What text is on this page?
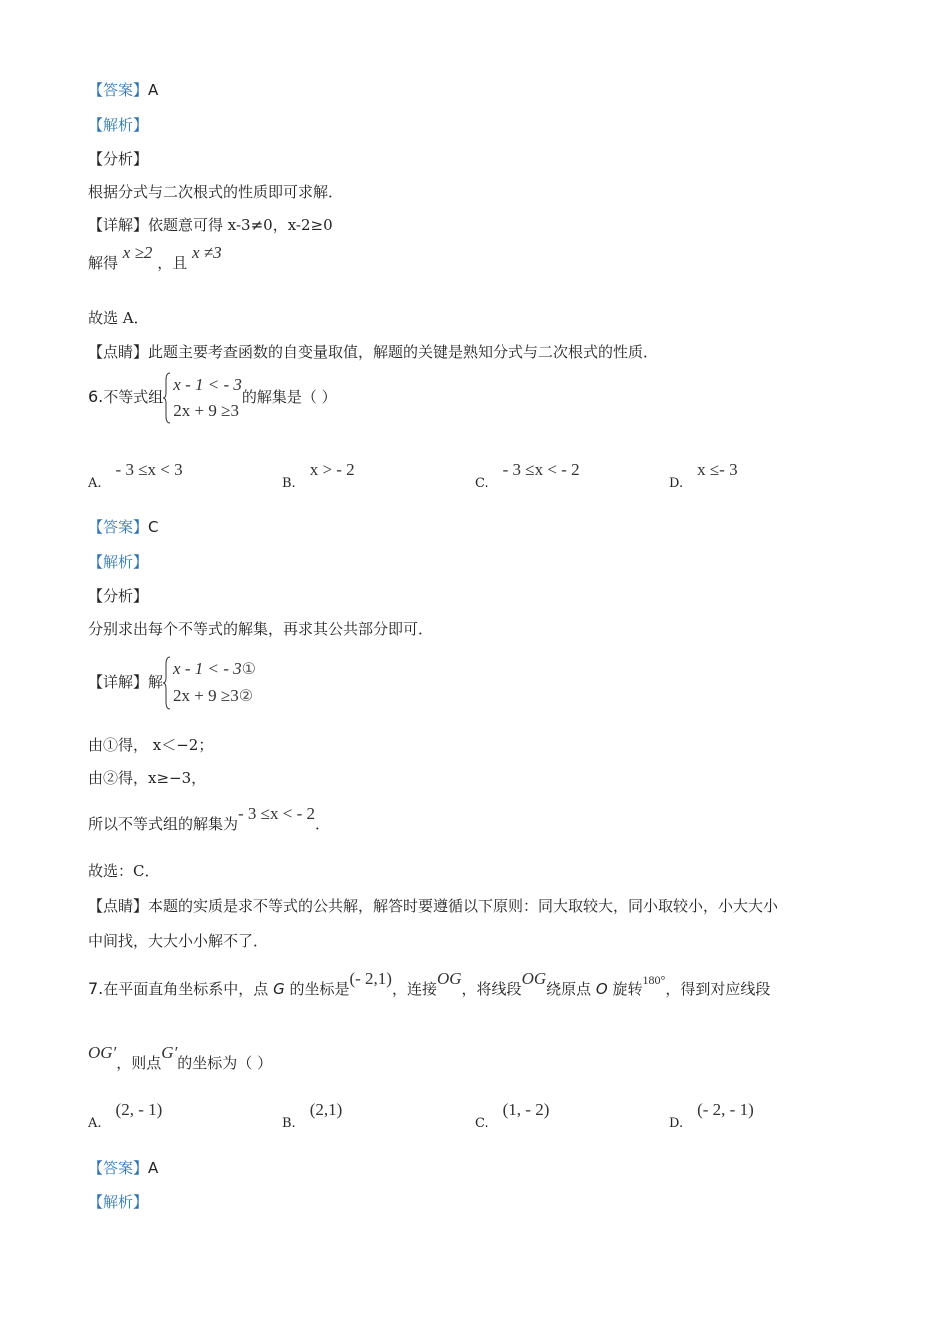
【答案】A
【解析】
【分析】
根据分式与二次根式的性质即可求解．
【详解】依题意可得 x-3≠0，x-2≥0
解得 x ≥2 ，且 x ≠3
故选 A．
【点睛】此题主要考查函数的自变量取值，解题的关键是熟知分式与二次根式的性质．
6.不等式组
x - 1 < - 3
2x + 9 ≥3
的解集是（ ）
A.- 3 ≤x < 3
B.x > - 2
C.- 3 ≤x < - 2
D.x ≤- 3
【答案】C
【解析】
【分析】
分别求出每个不等式的解集，再求其公共部分即可．
【详解】解
x - 1 < - 3①
2x + 9 ≥3②
由①得， x＜−2；
由②得，x≥−3，
所以不等式组的解集为- 3 ≤x < - 2．
故选：C．
【点睛】本题的实质是求不等式的公共解，解答时要遵循以下原则：同大取较大，同小取较小，小大大小
中间找，大大小小解不了．
7.在平面直角坐标系中，点 G 的坐标是(- 2,1)，连接OG，将线段OG绕原点 O 旋转$^{180^\circ}$，得到对应线段
OG′，则点G′的坐标为（ ）
A.(2, - 1)
B.(2,1)
C.(1, - 2)
D.(- 2, - 1)
【答案】A
【解析】
